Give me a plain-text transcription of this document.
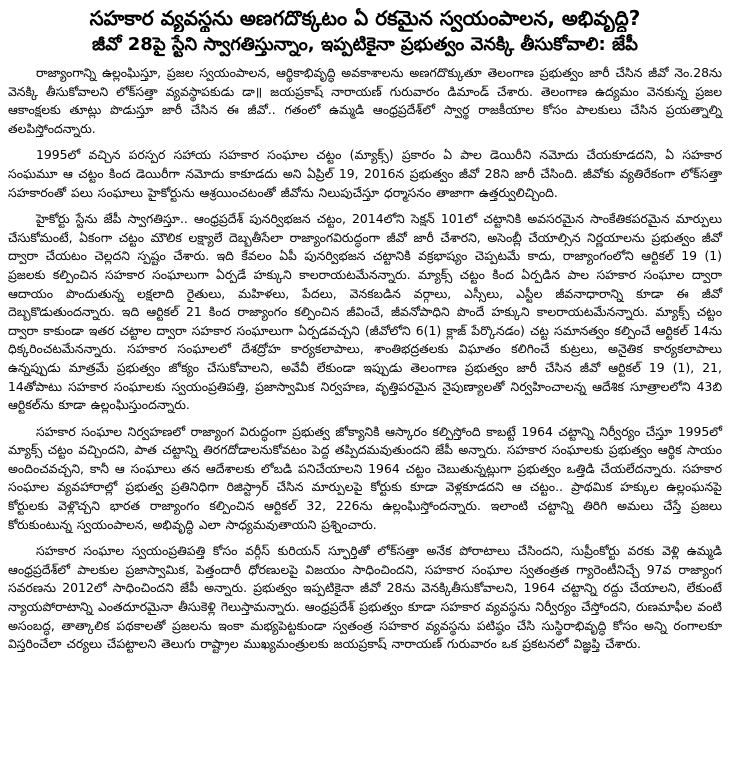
సహకార వ్యవస్థను అణగదొక్కటం ఏ రకమైన స్వయంపాలన, అభివృద్ధి?
జీవో 28పై స్టేని స్వాగతిస్తున్నాం, ఇప్పటికైనా ప్రభుత్వం వెనక్కి తీసుకోవాలి: జేపీ

రాజ్యాంగాన్ని ఉల్లంఘిస్తూ, ప్రజల స్వయంపాలన, ఆర్థికాభివృద్ధి అవకాశాలను అణగదొక్కుతూ తెలంగాణ ప్రభుత్వం జారీ చేసిన జీవో నెం.28ను వెనక్కి తీసుకోవాలని లోక్‌సత్తా వ్యవస్థాపకుడు డా॥ జయప్రకాష్ నారాయణ్ గురువారం డిమాండ్ చేశారు. తెలంగాణ ఉద్యమం వెనకున్న ప్రజల ఆకాంక్షలకు తూట్లు పొడుస్తూ జారీ చేసిన ఈ జీవో.. గతంలో ఉమ్మడి ఆంధ్రప్రదేశ్‌లో స్వార్థ రాజకీయాల కోసం పాలకులు చేసిన ప్రయత్నాల్ని తలపిస్తోందన్నారు.

1995లో వచ్చిన పరస్పర సహాయ సహకార సంఘాల చట్టం (మ్యాక్స్) ప్రకారం ఏ పాల డెయిరీని నమోదు చేయకూడదని, ఏ సహకార సంఘమూ ఆ చట్టం కింద డెయిరీగా నమోదు కాకూడదు అని ఏప్రిల్ 19, 2016న ప్రభుత్వం జీవో 28ని జారీ చేసింది. జీవోకు వ్యతిరేకంగా లోక్‌సత్తా సహకారంతో పలు సంఘాలు హైకోర్టును ఆశ్రయించటంతో జీవోను నిలుపుచేస్తూ ధర్మాసనం తాజాగా ఉత్తర్వులిచ్చింది.

హైకోర్టు స్టేను జేపీ స్వాగతిస్తూ.. ఆంధ్రప్రదేశ్ పునర్విభజన చట్టం, 2014లోని సెక్షన్ 101లో చట్టానికి అవసరమైన సాంకేతికపరమైన మార్పులు చేసుకోమంటే, ఏకంగా చట్టం మౌలిక లక్ష్యాలే దెబ్బతీసేలా రాజ్యాంగవిరుద్ధంగా జీవో జారీ చేశారని, అసెంబ్లీ చేయాల్సిన నిర్ణయాలను ప్రభుత్వం జీవో ద్వారా చేయటం చెల్లదని స్పష్టం చేశారు. ఇది కేవలం ఏపీ పునర్విభజన చట్టానికి వక్రభాష్యం చెప్పటమే కాదు, రాజ్యాంగంలోని ఆర్టికల్ 19 (1) ప్రజలకు కల్పించిన సహకార సంఘాలుగా ఏర్పడే హక్కుని కాలరాయటమేనన్నారు. మ్యాక్స్ చట్టం కింద ఏర్పడిన పాల సహకార సంఘాల ద్వారా ఆదాయం పొందుతున్న లక్షలాది రైతులు, మహిళలు, పేదలు, వెనకబడిన వర్గాలు, ఎస్సీలు, ఎస్టీల జీవనాధారాన్ని కూడా ఈ జీవో దెబ్బకొడుతుందన్నారు. ఇది ఆర్టికల్ 21 కింద రాజ్యాంగం కల్పించిన జీవించే, జీవనోపాధిని పొందే హక్కుని కాలరాయటమేనన్నారు. మ్యాక్స్ చట్టం ద్వారా కాకుండా ఇతర చట్టాల ద్వారా సహకార సంఘాలుగా ఏర్పడవచ్చని (జీవోలోని 6(1) క్లాజ్ పేర్కొనడం) చట్ట సమానత్వం కల్పించే ఆర్టికల్ 14ను ధిక్కరించటమేనన్నారు. సహకార సంఘాలలో దేశద్రోహ కార్యకలాపాలు, శాంతిభద్రతలకు విఘాతం కలిగించే కుట్రలు, అనైతిక కార్యకలాపాలు ఉన్నప్పుడు మాత్రమే ప్రభుత్వం జోక్యం చేసుకోవాలని, అవేవీ లేకుండా ఇప్పుడు తెలంగాణ ప్రభుత్వం జారీ చేసిన జీవో ఆర్టికల్ 19 (1), 21, 14తోపాటు సహకార సంఘాలకు స్వయంప్రతిపత్తి, ప్రజాస్వామిక నిర్వహణ, వృత్తిపరమైన నైపుణ్యాలతో నిర్వహించాలన్న ఆదేశిక సూత్రాలలోని 43బి ఆర్టికల్‌ను కూడా ఉల్లంఘిస్తుందన్నారు.

సహకార సంఘాల నిర్వహణలో రాజ్యాంగ విరుద్ధంగా ప్రభుత్వ జోక్యానికి ఆస్కారం కల్పిస్తోంది కాబట్టే 1964 చట్టాన్ని నిర్వీర్యం చేస్తూ 1995లో మ్యాక్స్ చట్టం వచ్చిందని, పాత చట్టాన్ని తిరగదోడాలనుకోవటం పెద్ద తప్పిదమవుతుందని జేపీ అన్నారు. సహకార సంఘాలకు ప్రభుత్వం ఆర్థిక సాయం అందించవచ్చని, కానీ ఆ సంఘాలు తన ఆదేశాలకు లోబడి పనిచేయాలని 1964 చట్టం చెబుతున్నట్లుగా ప్రభుత్వం ఒత్తిడి చేయలేదన్నారు. సహకార సంఘాల వ్యవహారాల్లో ప్రభుత్వ ప్రతినిధిగా రిజిస్ట్రార్ చేసిన మార్పులపై కోర్టుకు కూడా వెళ్లకూడదని ఆ చట్టం.. ప్రాథమిక హక్కుల ఉల్లంఘనపై కోర్టులకు వెళ్లొచ్చని భారత రాజ్యాంగం కల్పించిన ఆర్టికల్ 32, 226ను ఉల్లంఘిస్తోందన్నారు. ఇలాంటి చట్టాన్ని తిరిగి అమలు చేస్తే ప్రజలు కోరుకుంటున్న స్వయంపాలన, అభివృద్ధి ఎలా సాధ్యమవుతాయని ప్రశ్నించారు.

సహకార సంఘాల స్వయంప్రతిపత్తి కోసం వర్గీస్ కురియన్ స్ఫూర్తితో లోక్‌సత్తా అనేక పోరాటాలు చేసిందని, సుప్రీంకోర్టు వరకు వెళ్లి ఉమ్మడి ఆంధ్రప్రదేశ్‌లో పాలకుల ప్రజాస్వామిక, పెత్తందారీ ధోరణులపై విజయం సాధించిందని, సహకార సంఘాల స్వతంత్రత గ్యారెంటీనిచ్చే 97వ రాజ్యాంగ సవరణను 2012లో సాధించిందని జేపీ అన్నారు. ప్రభుత్వం ఇప్పటికైనా జీవో 28ను వెనక్కితీసుకోవాలని, 1964 చట్టాన్ని రద్దు చేయాలని, లేకుంటే న్యాయపోరాటాన్ని ఎంతదూరమైనా తీసుకెళ్లి గెలుస్తామన్నారు. ఆంధ్రప్రదేశ్ ప్రభుత్వం కూడా సహకార వ్యవస్థను నిర్వీర్యం చేస్తోందని, రుణమాఫీల వంటి అసంబద్ధ, తాత్కాలిక పథకాలతో ప్రజలను ఇంకా మభ్యపెట్టకుండా స్వతంత్ర సహకార వ్యవస్థను పటిష్ఠం చేసి సుస్థిరాభివృద్ధి కోసం అన్ని రంగాలకూ విస్తరించేలా చర్యలు చేపట్టాలని తెలుగు రాష్ట్రాల ముఖ్యమంత్రులకు జయప్రకాష్ నారాయణ్ గురువారం ఒక ప్రకటనలో విజ్ఞప్తి చేశారు.
